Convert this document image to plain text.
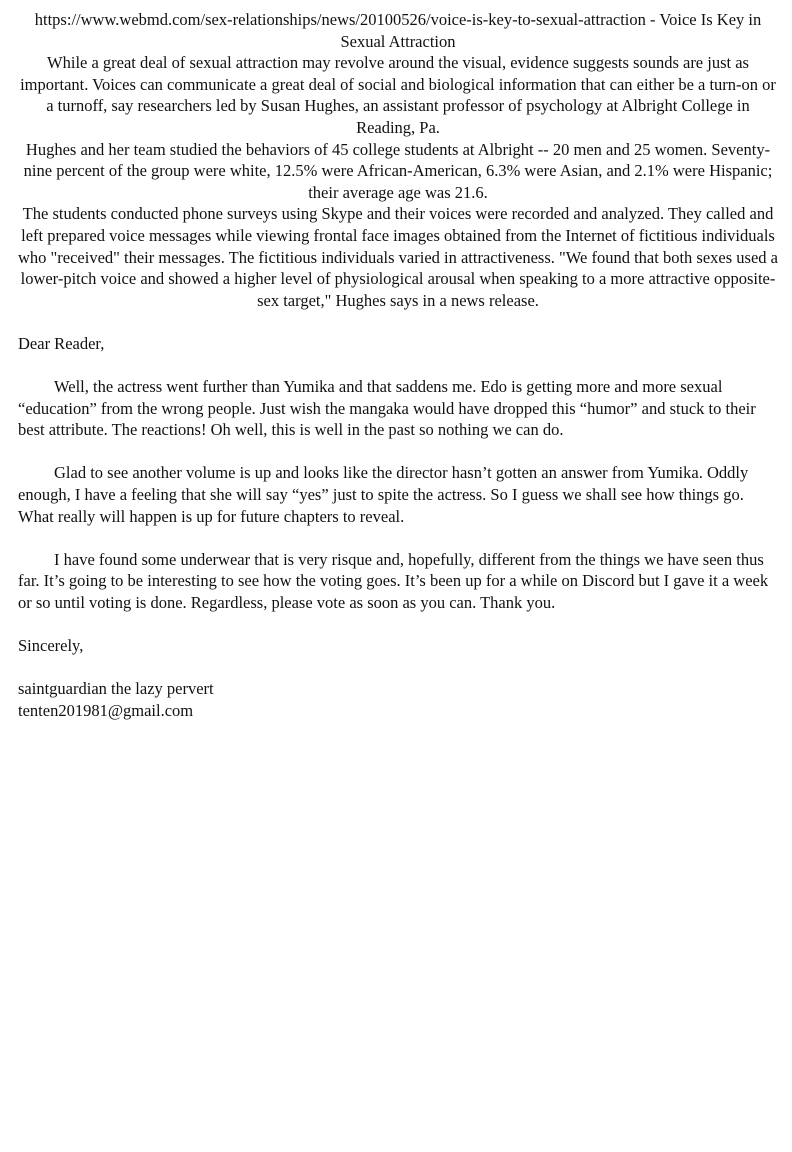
https://www.webmd.com/sex-relationships/news/20100526/voice-is-key-to-sexual-attraction - Voice Is Key in Sexual Attraction

While a great deal of sexual attraction may revolve around the visual, evidence suggests sounds are just as important. Voices can communicate a great deal of social and biological information that can either be a turn-on or a turnoff, say researchers led by Susan Hughes, an assistant professor of psychology at Albright College in Reading, Pa.

Hughes and her team studied the behaviors of 45 college students at Albright -- 20 men and 25 women. Seventy-nine percent of the group were white, 12.5% were African-American, 6.3% were Asian, and 2.1% were Hispanic; their average age was 21.6.

The students conducted phone surveys using Skype and their voices were recorded and analyzed. They called and left prepared voice messages while viewing frontal face images obtained from the Internet of fictitious individuals who "received" their messages. The fictitious individuals varied in attractiveness. "We found that both sexes used a lower-pitch voice and showed a higher level of physiological arousal when speaking to a more attractive opposite-sex target," Hughes says in a news release.

Dear Reader,

Well, the actress went further than Yumika and that saddens me. Edo is getting more and more sexual “education” from the wrong people. Just wish the mangaka would have dropped this “humor” and stuck to their best attribute. The reactions! Oh well, this is well in the past so nothing we can do.

Glad to see another volume is up and looks like the director hasn’t gotten an answer from Yumika. Oddly enough, I have a feeling that she will say “yes” just to spite the actress. So I guess we shall see how things go. What really will happen is up for future chapters to reveal.

I have found some underwear that is very risque and, hopefully, different from the things we have seen thus far. It’s going to be interesting to see how the voting goes. It’s been up for a while on Discord but I gave it a week or so until voting is done. Regardless, please vote as soon as you can. Thank you.

Sincerely,

saintguardian the lazy pervert

tenten201981@gmail.com
